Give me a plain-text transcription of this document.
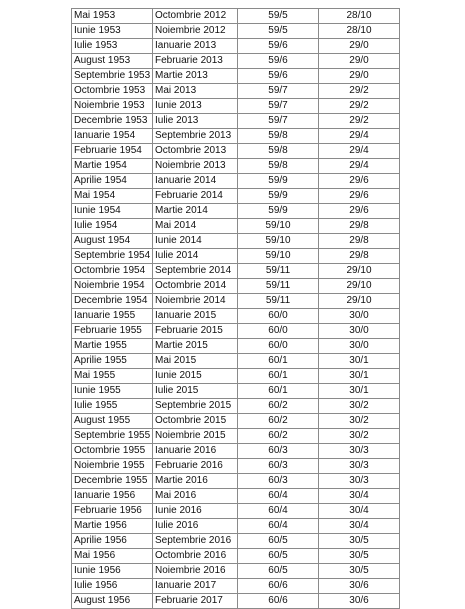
Mai 1953	Octombrie 2012	59/5	28/10
Iunie 1953	Noiembrie 2012	59/5	28/10
Iulie 1953	Ianuarie 2013	59/6	29/0
August 1953	Februarie 2013	59/6	29/0
Septembrie 1953	Martie 2013	59/6	29/0
Octombrie 1953	Mai 2013	59/7	29/2
Noiembrie 1953	Iunie 2013	59/7	29/2
Decembrie 1953	Iulie 2013	59/7	29/2
Ianuarie 1954	Septembrie 2013	59/8	29/4
Februarie 1954	Octombrie 2013	59/8	29/4
Martie 1954	Noiembrie 2013	59/8	29/4
Aprilie 1954	Ianuarie 2014	59/9	29/6
Mai 1954	Februarie 2014	59/9	29/6
Iunie 1954	Martie 2014	59/9	29/6
Iulie 1954	Mai 2014	59/10	29/8
August 1954	Iunie 2014	59/10	29/8
Septembrie 1954	Iulie 2014	59/10	29/8
Octombrie 1954	Septembrie 2014	59/11	29/10
Noiembrie 1954	Octombrie 2014	59/11	29/10
Decembrie 1954	Noiembrie 2014	59/11	29/10
Ianuarie 1955	Ianuarie 2015	60/0	30/0
Februarie 1955	Februarie 2015	60/0	30/0
Martie 1955	Martie 2015	60/0	30/0
Aprilie 1955	Mai 2015	60/1	30/1
Mai 1955	Iunie 2015	60/1	30/1
Iunie 1955	Iulie 2015	60/1	30/1
Iulie 1955	Septembrie 2015	60/2	30/2
August 1955	Octombrie 2015	60/2	30/2
Septembrie 1955	Noiembrie 2015	60/2	30/2
Octombrie 1955	Ianuarie 2016	60/3	30/3
Noiembrie 1955	Februarie 2016	60/3	30/3
Decembrie 1955	Martie 2016	60/3	30/3
Ianuarie 1956	Mai 2016	60/4	30/4
Februarie 1956	Iunie 2016	60/4	30/4
Martie 1956	Iulie 2016	60/4	30/4
Aprilie 1956	Septembrie 2016	60/5	30/5
Mai 1956	Octombrie 2016	60/5	30/5
Iunie 1956	Noiembrie 2016	60/5	30/5
Iulie 1956	Ianuarie 2017	60/6	30/6
August 1956	Februarie 2017	60/6	30/6
